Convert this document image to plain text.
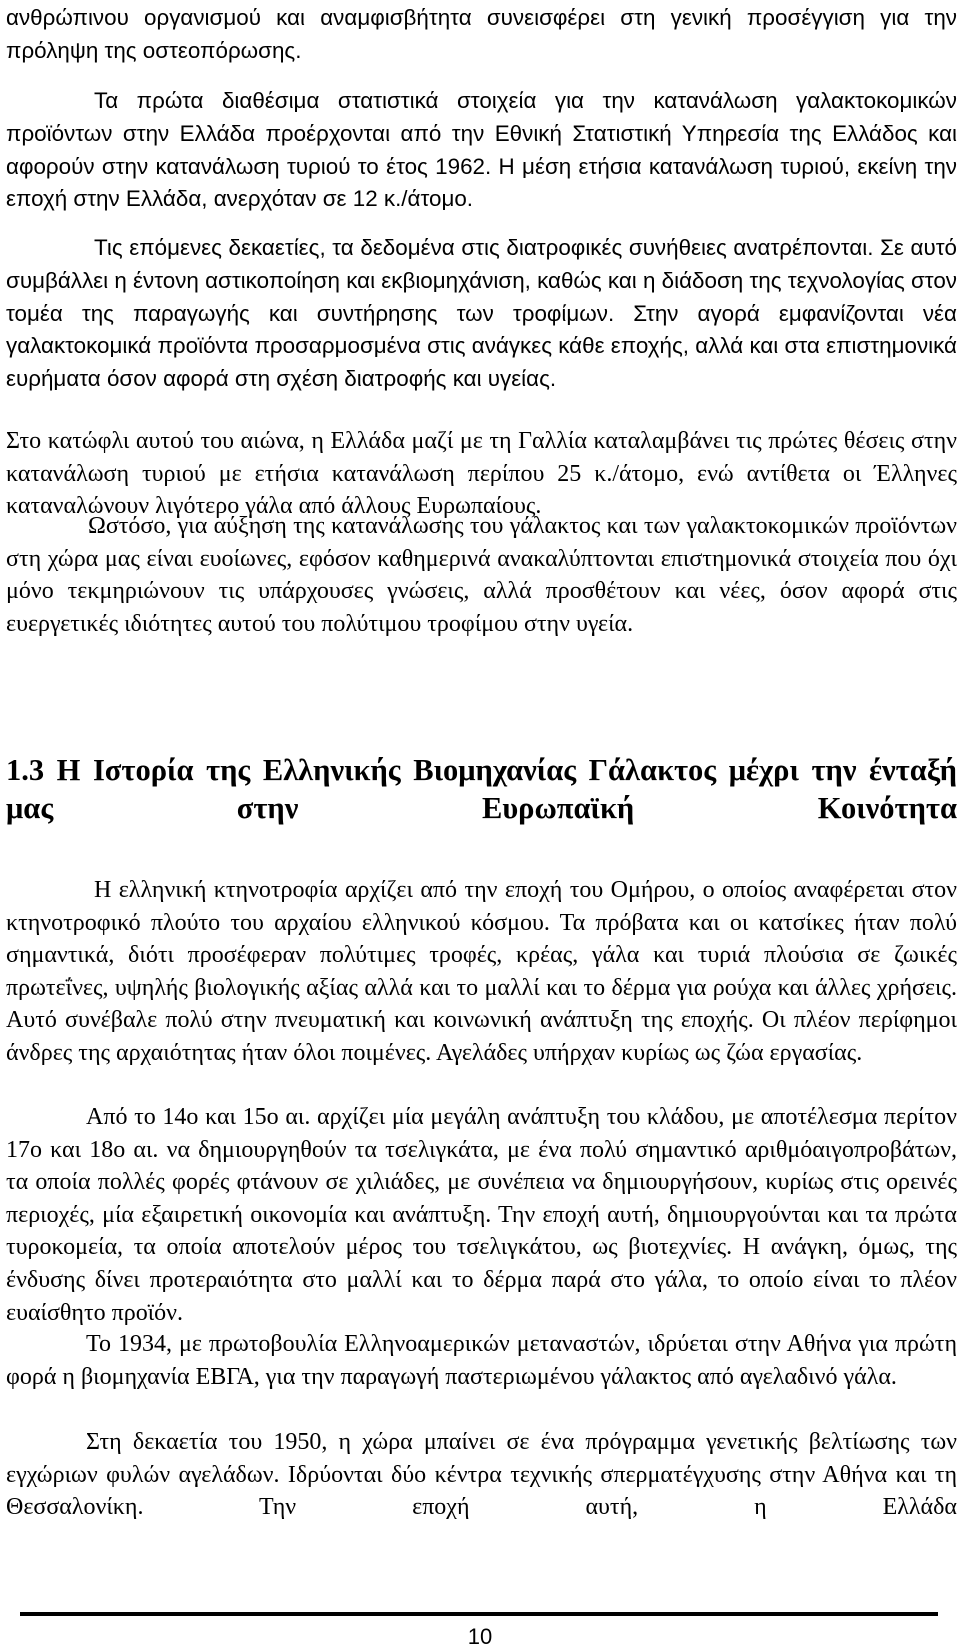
ανθρώπινου οργανισμού και αναμφισβήτητα συνεισφέρει στη γενική προσέγγιση για την πρόληψη της οστεοπόρωσης.
Τα πρώτα διαθέσιμα στατιστικά στοιχεία για την κατανάλωση γαλακτοκομικών προϊόντων στην Ελλάδα προέρχονται από την Εθνική Στατιστική Υπηρεσία της Ελλάδος και αφορούν στην κατανάλωση τυριού το έτος 1962. Η μέση ετήσια κατανάλωση τυριού, εκείνη την εποχή στην Ελλάδα, ανερχόταν σε 12 κ./άτομο.
Τις επόμενες δεκαετίες, τα δεδομένα στις διατροφικές συνήθειες ανατρέπονται. Σε αυτό συμβάλλει η έντονη αστικοποίηση και εκβιομηχάνιση, καθώς και η διάδοση της τεχνολογίας στον τομέα της παραγωγής και συντήρησης των τροφίμων. Στην αγορά εμφανίζονται νέα γαλακτοκομικά προϊόντα προσαρμοσμένα στις ανάγκες κάθε εποχής, αλλά και στα επιστημονικά ευρήματα όσον αφορά στη σχέση διατροφής και υγείας.
Στο κατώφλι αυτού του αιώνα, η Ελλάδα μαζί με τη Γαλλία καταλαμβάνει τις πρώτες θέσεις στην κατανάλωση τυριού με ετήσια κατανάλωση περίπου 25 κ./άτομο, ενώ αντίθετα οι Έλληνες καταναλώνουν λιγότερο γάλα από άλλους Ευρωπαίους.
Ωστόσο, για αύξηση της κατανάλωσης του γάλακτος και των γαλακτοκομικών προϊόντων στη χώρα μας είναι ευοίωνες, εφόσον καθημερινά ανακαλύπτονται επιστημονικά στοιχεία που όχι μόνο τεκμηριώνουν τις υπάρχουσες γνώσεις, αλλά προσθέτουν και νέες, όσον αφορά στις ευεργετικές ιδιότητες αυτού του πολύτιμου τροφίμου στην υγεία.
1.3 Η Ιστορία της Ελληνικής Βιομηχανίας Γάλακτος μέχρι την ένταξή μας στην Ευρωπαϊκή Κοινότητα
Η ελληνική κτηνοτροφία αρχίζει από την εποχή του Ομήρου, ο οποίος αναφέρεται στον κτηνοτροφικό πλούτο του αρχαίου ελληνικού κόσμου. Τα πρόβατα και οι κατσίκες ήταν πολύ σημαντικά, διότι προσέφεραν πολύτιμες τροφές, κρέας, γάλα και τυριά πλούσια σε ζωικές πρωτεΐνες, υψηλής βιολογικής αξίας αλλά και το μαλλί και το δέρμα για ρούχα και άλλες χρήσεις. Αυτό συνέβαλε πολύ στην πνευματική και κοινωνική ανάπτυξη της εποχής. Οι πλέον περίφημοι άνδρες της αρχαιότητας ήταν όλοι ποιμένες. Αγελάδες υπήρχαν κυρίως ως ζώα εργασίας.
Από το 14ο και 15ο αι. αρχίζει μία μεγάλη ανάπτυξη του κλάδου, με αποτέλεσμα περίτον 17ο και 18ο αι. να δημιουργηθούν τα τσελιγκάτα, με ένα πολύ σημαντικό αριθμόαιγοπροβάτων, τα οποία πολλές φορές φτάνουν σε χιλιάδες, με συνέπεια να δημιουργήσουν, κυρίως στις ορεινές περιοχές, μία εξαιρετική οικονομία και ανάπτυξη. Την εποχή αυτή, δημιουργούνται και τα πρώτα τυροκομεία, τα οποία αποτελούν μέρος του τσελιγκάτου, ως βιοτεχνίες. Η ανάγκη, όμως, της ένδυσης δίνει προτεραιότητα στο μαλλί και το δέρμα παρά στο γάλα, το οποίο είναι το πλέον ευαίσθητο προϊόν.
Το 1934, με πρωτοβουλία Ελληνοαμερικών μεταναστών, ιδρύεται στην Αθήνα για πρώτη φορά η βιομηχανία ΕΒΓΑ, για την παραγωγή παστεριωμένου γάλακτος από αγελαδινό γάλα.
Στη δεκαετία του 1950, η χώρα μπαίνει σε ένα πρόγραμμα γενετικής βελτίωσης των εγχώριων φυλών αγελάδων. Ιδρύονται δύο κέντρα τεχνικής σπερματέγχυσης στην Αθήνα και τη Θεσσαλονίκη. Την εποχή αυτή, η Ελλάδα
10
